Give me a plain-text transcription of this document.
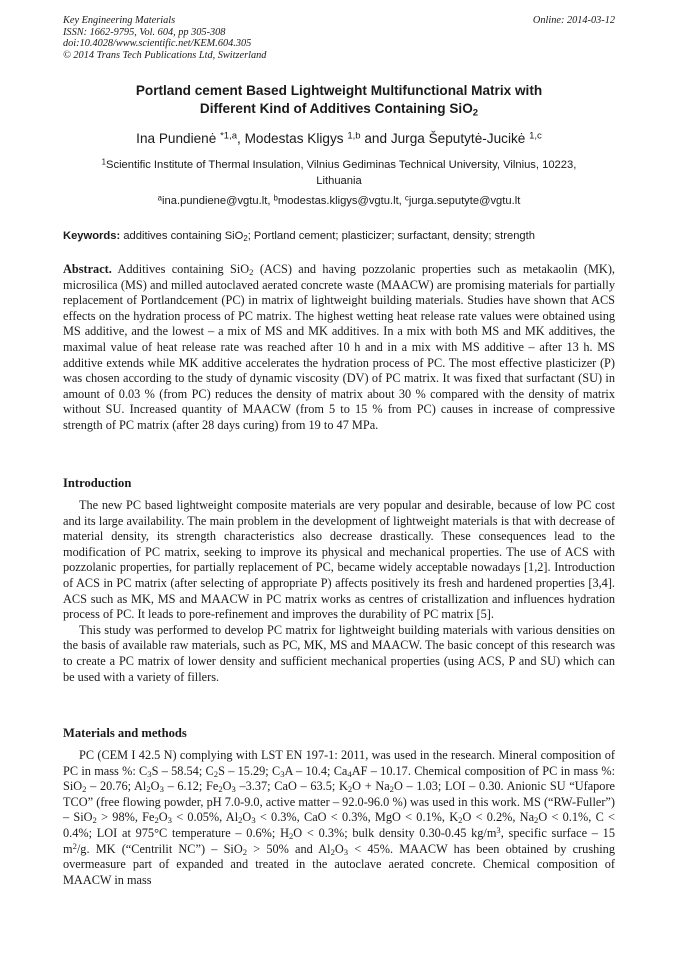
Key Engineering Materials
ISSN: 1662-9795, Vol. 604, pp 305-308
doi:10.4028/www.scientific.net/KEM.604.305
© 2014 Trans Tech Publications Ltd, Switzerland
Online: 2014-03-12
Portland cement Based Lightweight Multifunctional Matrix with
Different Kind of Additives Containing SiO$_2$
Ina Pundienė $^{*1,a}$, Modestas Kligys $^{1,b}$ and Jurga Šeputytė-Jucikė $^{1,c}$
$^1$Scientific Institute of Thermal Insulation, Vilnius Gediminas Technical University, Vilnius, 10223,
Lithuania
$^a$ina.pundiene@vgtu.lt, $^b$modestas.kligys@vgtu.lt, $^c$jurga.seputyte@vgtu.lt
Keywords: additives containing SiO$_2$; Portland cement; plasticizer; surfactant, density; strength
Abstract. Additives containing SiO$_2$ (ACS) and having pozzolanic properties such as metakaolin (MK), microsilica (MS) and milled autoclaved aerated concrete waste (MAACW) are promising materials for partially replacement of Portlandcement (PC) in matrix of lightweight building materials. Studies have shown that ACS effects on the hydration process of PC matrix. The highest wetting heat release rate values were obtained using MS additive, and the lowest – a mix of MS and MK additives. In a mix with both MS and MK additives, the maximal value of heat release rate was reached after 10 h and in a mix with MS additive – after 13 h. MS additive extends while MK additive accelerates the hydration process of PC. The most effective plasticizer (P) was chosen according to the study of dynamic viscosity (DV) of PC matrix. It was fixed that surfactant (SU) in amount of 0.03 % (from PC) reduces the density of matrix about 30 % compared with the density of matrix without SU. Increased quantity of MAACW (from 5 to 15 % from PC) causes in increase of compressive strength of PC matrix (after 28 days curing) from 19 to 47 MPa.
Introduction

The new PC based lightweight composite materials are very popular and desirable, because of low PC cost and its large availability. The main problem in the development of lightweight materials is that with decrease of material density, its strength characteristics also decrease drastically. These consequences lead to the modification of PC matrix, seeking to improve its physical and mechanical properties. The use of ACS with pozzolanic properties, for partially replacement of PC, became widely acceptable nowadays [1,2]. Introduction of ACS in PC matrix (after selecting of appropriate P) affects positively its fresh and hardened properties [3,4]. ACS such as MK, MS and MAACW in PC matrix works as centres of cristallization and influences hydration process of PC. It leads to pore-refinement and improves the durability of PC matrix [5].

This study was performed to develop PC matrix for lightweight building materials with various densities on the basis of available raw materials, such as PC, MK, MS and MAACW. The basic concept of this research was to create a PC matrix of lower density and sufficient mechanical properties (using ACS, P and SU) which can be used with a variety of fillers.

Materials and methods

PC (CEM I 42.5 N) complying with LST EN 197-1: 2011, was used in the research. Mineral composition of PC in mass %: $C_3S - 58.54$; $C_2S - 15.29$; $C_3A - 10.4$; $Ca_4AF - 10.17$. Chemical composition of PC in mass %: SiO$_2$ – 20.76; $Al_2O_3 - 6.12$; $Fe_2O_3$ –3.37; CaO – 63.5; $K_2O + Na_2O - 1.03$; LOI – 0.30. Anionic SU “Ufapore TCO” (free flowing powder, pH 7.0-9.0, active matter – 92.0-96.0 %) was used in this work. MS (“RW-Fuller”) – SiO$_2$ > 98%, $Fe_2O_3 < 0.05\%$, $Al_2O_3 < 0.3\%$, CaO < 0.3%, MgO < 0.1%, $K_2O < 0.2\%$, $Na_2O < 0.1\%$, C < 0.4%; LOI at 975°C temperature – 0.6%; $H_2O < 0.3\%$; bulk density 0.30-0.45 $kg/m^3$, specific surface – 15 $m^2/g$. MK (“Centrilit NC”) – SiO$_2$ > 50% and $Al_2O_3 < 45\%$. MAACW has been obtained by crushing overmeasure part of expanded and treated in the autoclave aerated concrete. Chemical composition of MAACW in mass
